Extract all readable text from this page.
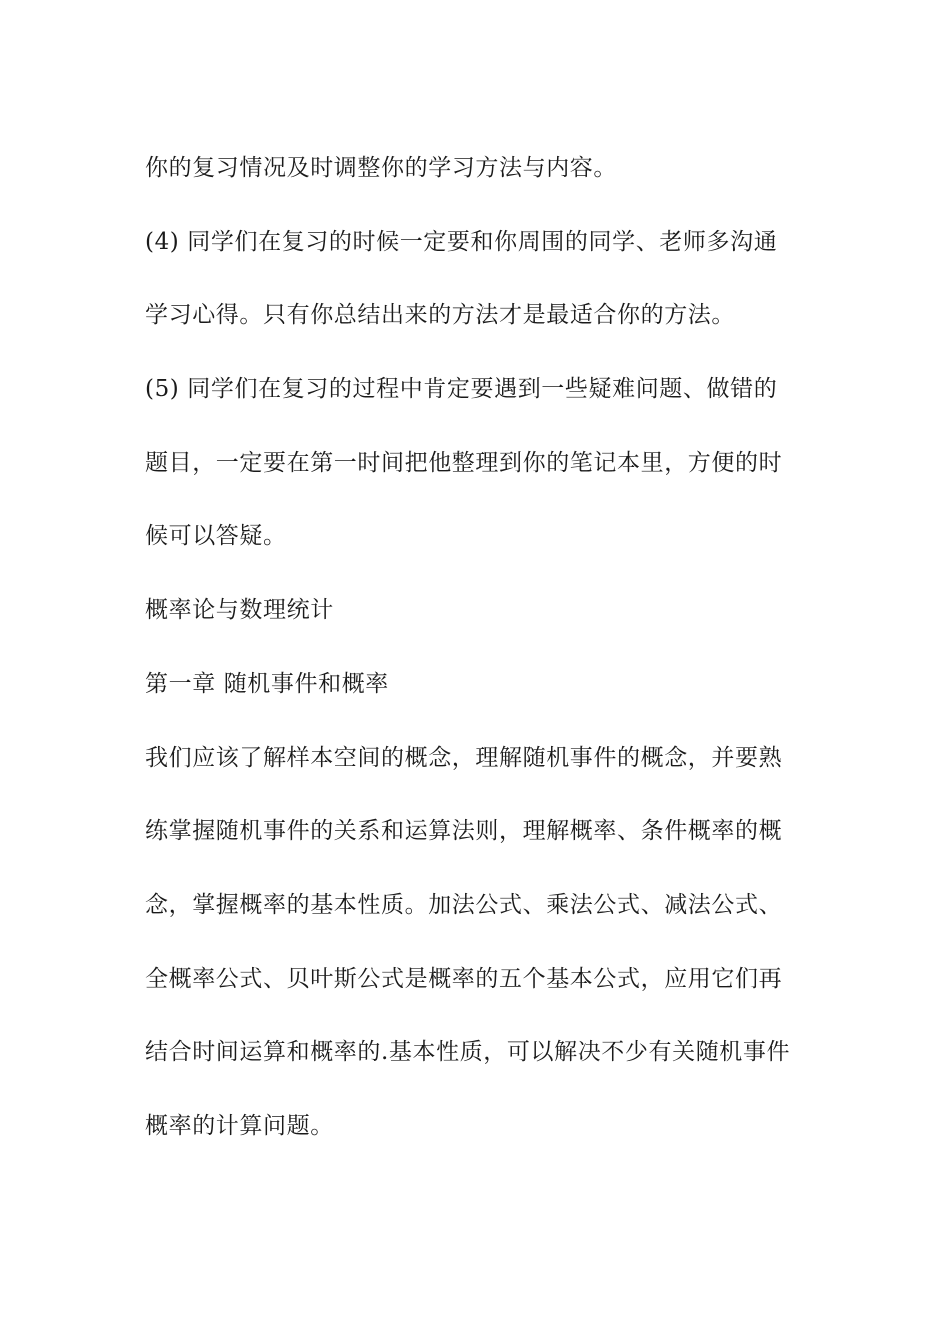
你的复习情况及时调整你的学习方法与内容。
(4) 同学们在复习的时候一定要和你周围的同学、老师多沟通
学习心得。只有你总结出来的方法才是最适合你的方法。
(5) 同学们在复习的过程中肯定要遇到一些疑难问题、做错的
题目，一定要在第一时间把他整理到你的笔记本里，方便的时
候可以答疑。
概率论与数理统计
第一章 随机事件和概率
我们应该了解样本空间的概念，理解随机事件的概念，并要熟
练掌握随机事件的关系和运算法则，理解概率、条件概率的概
念，掌握概率的基本性质。加法公式、乘法公式、减法公式、
全概率公式、贝叶斯公式是概率的五个基本公式，应用它们再
结合时间运算和概率的.基本性质，可以解决不少有关随机事件
概率的计算问题。
